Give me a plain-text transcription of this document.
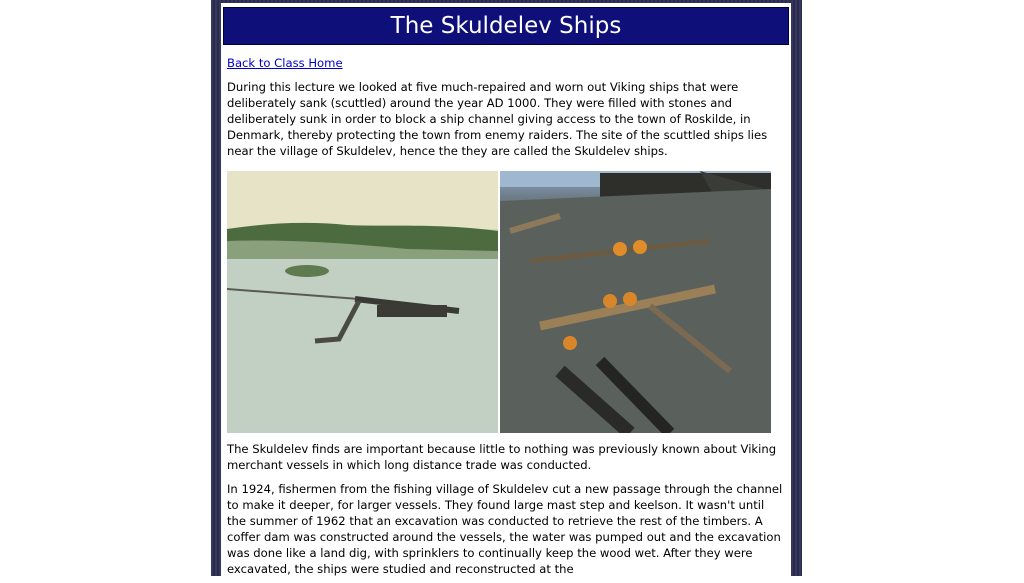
The Skuldelev Ships
Back to Class Home

During this lecture we looked at five much-repaired and worn out Viking ships that were deliberately sank (scuttled) around the year AD 1000. They were filled with stones and deliberately sunk in order to block a ship channel giving access to the town of Roskilde, in Denmark, thereby protecting the town from enemy raiders. The site of the scuttled ships lies near the village of Skuldelev, hence the they are called the Skuldelev ships.

The Skuldelev finds are important because little to nothing was previously known about Viking merchant vessels in which long distance trade was conducted.

In 1924, fishermen from the fishing village of Skuldelev cut a new passage through the channel to make it deeper, for larger vessels. They found large mast step and keelson. It wasn't until the summer of 1962 that an excavation was conducted to retrieve the rest of the timbers. A coffer dam was constructed around the vessels, the water was pumped out and the excavation was done like a land dig, with sprinklers to continually keep the wood wet. After they were excavated, the ships were studied and reconstructed at the
